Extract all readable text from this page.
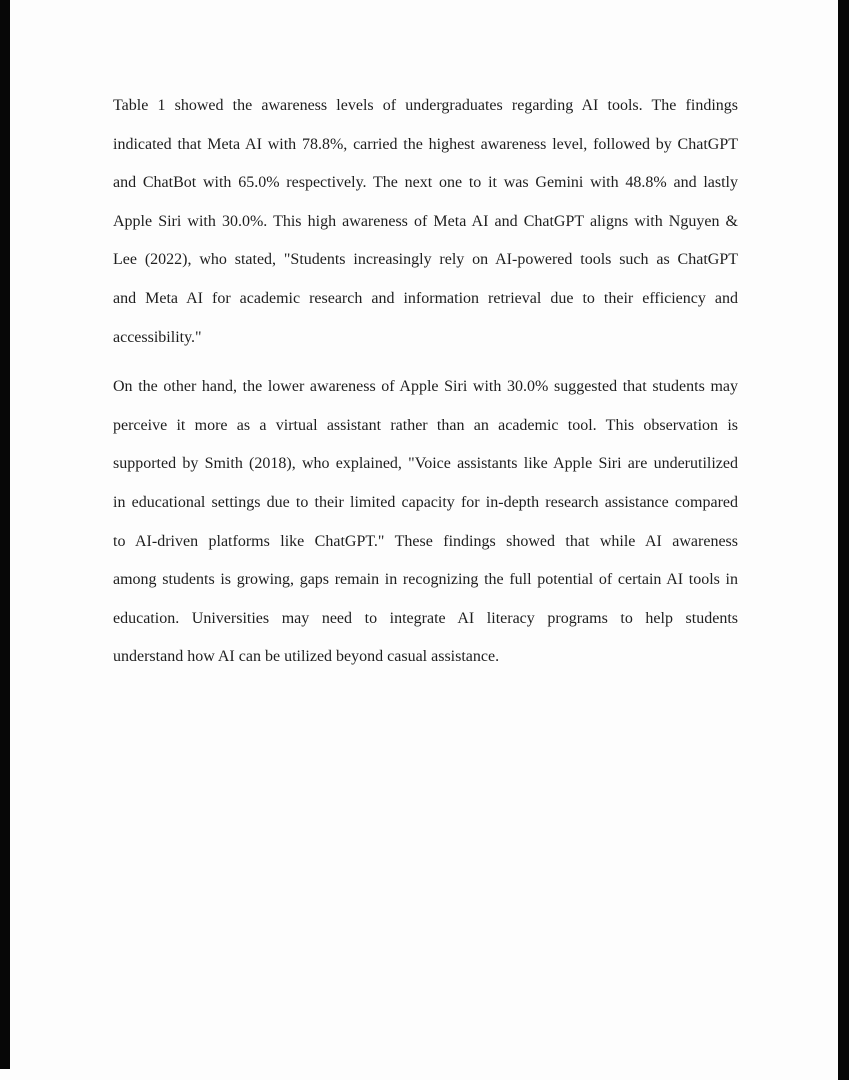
Table 1 showed the awareness levels of undergraduates regarding AI tools. The findings
indicated that Meta AI with 78.8%, carried the highest awareness level, followed by ChatGPT
and ChatBot with 65.0% respectively. The next one to it was Gemini with 48.8% and lastly
Apple Siri with 30.0%. This high awareness of Meta AI and ChatGPT aligns with Nguyen &
Lee (2022), who stated, "Students increasingly rely on AI-powered tools such as ChatGPT
and Meta AI for academic research and information retrieval due to their efficiency and
accessibility."
On the other hand, the lower awareness of Apple Siri with 30.0% suggested that students may
perceive it more as a virtual assistant rather than an academic tool. This observation is
supported by Smith (2018), who explained, "Voice assistants like Apple Siri are underutilized
in educational settings due to their limited capacity for in-depth research assistance compared
to AI-driven platforms like ChatGPT." These findings showed that while AI awareness
among students is growing, gaps remain in recognizing the full potential of certain AI tools in
education. Universities may need to integrate AI literacy programs to help students
understand how AI can be utilized beyond casual assistance.
